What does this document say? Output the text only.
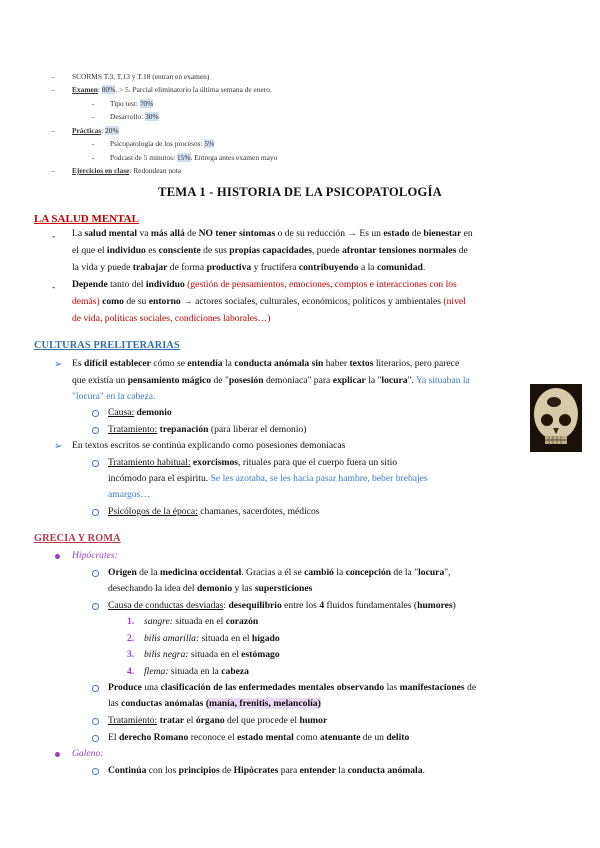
- SCORMS T.3, T.13 y T.18 (entran en examen)
- Examen: 80%. > 5. Parcial eliminatorio la última semana de enero.
- Tipo test: 70%
- Desarrollo: 30%
- Prácticas: 20%
- Psicopatología de los procesos: 5%
- Podcast de 5 minutos: 15%. Entrega antes examen mayo
- Ejercicios en clase: Redondean nota
TEMA 1 - HISTORIA DE LA PSICOPATOLOGÍA
LA SALUD MENTAL
- La salud mental va más allá de NO tener síntomas o de su reducción → Es un estado de bienestar en
el que el individuo es consciente de sus propias capacidades, puede afrontar tensiones normales de
la vida y puede trabajar de forma productiva y fructífera contribuyendo a la comunidad.
- Depende tanto del individuo (gestión de pensamientos, emociones, comptos e interacciones con los
demás) como de su entorno → actores sociales, culturales, económicos, políticos y ambientales (nivel
de vida, políticas sociales, condiciones laborales…)
CULTURAS PRELITERARIAS
➢ Es difícil establecer cómo se entendía la conducta anómala sin haber textos literarios, pero parece
que existía un pensamiento mágico de "posesión demoniaca" para explicar la "locura". Ya situaban la
"locura" en la cabeza.
Causa: demonio
Tratamiento: trepanación (para liberar el demonio)
➢ En textos escritos se continúa explicando como posesiones demoniacas
Tratamiento habitual: exorcismos, rituales para que el cuerpo fuera un sitio
incómodo para el espíritu. Se les azotaba, se les hacía pasar hambre, beber brebajes
amargos…
Psicólogos de la época: chamanes, sacerdotes, médicos
GRECIA Y ROMA
Hipócrates:
Origen de la medicina occidental. Gracias a él se cambió la concepción de la "locura",
desechando la idea del demonio y las supersticiones
Causa de conductas desviadas: desequilibrio entre los 4 fluidos fundamentales (humores)
1. sangre: situada en el corazón
2. bilis amarilla: situada en el hígado
3. bilis negra: situada en el estómago
4. flema: situada en la cabeza
Produce una clasificación de las enfermedades mentales observando las manifestaciones de
las conductas anómalas (manía, frenitis, melancolía)
Tratamiento: tratar el órgano del que procede el humor
El derecho Romano reconoce el estado mental como atenuante de un delito
Galeno:
Continúa con los principios de Hipócrates para entender la conducta anómala.
